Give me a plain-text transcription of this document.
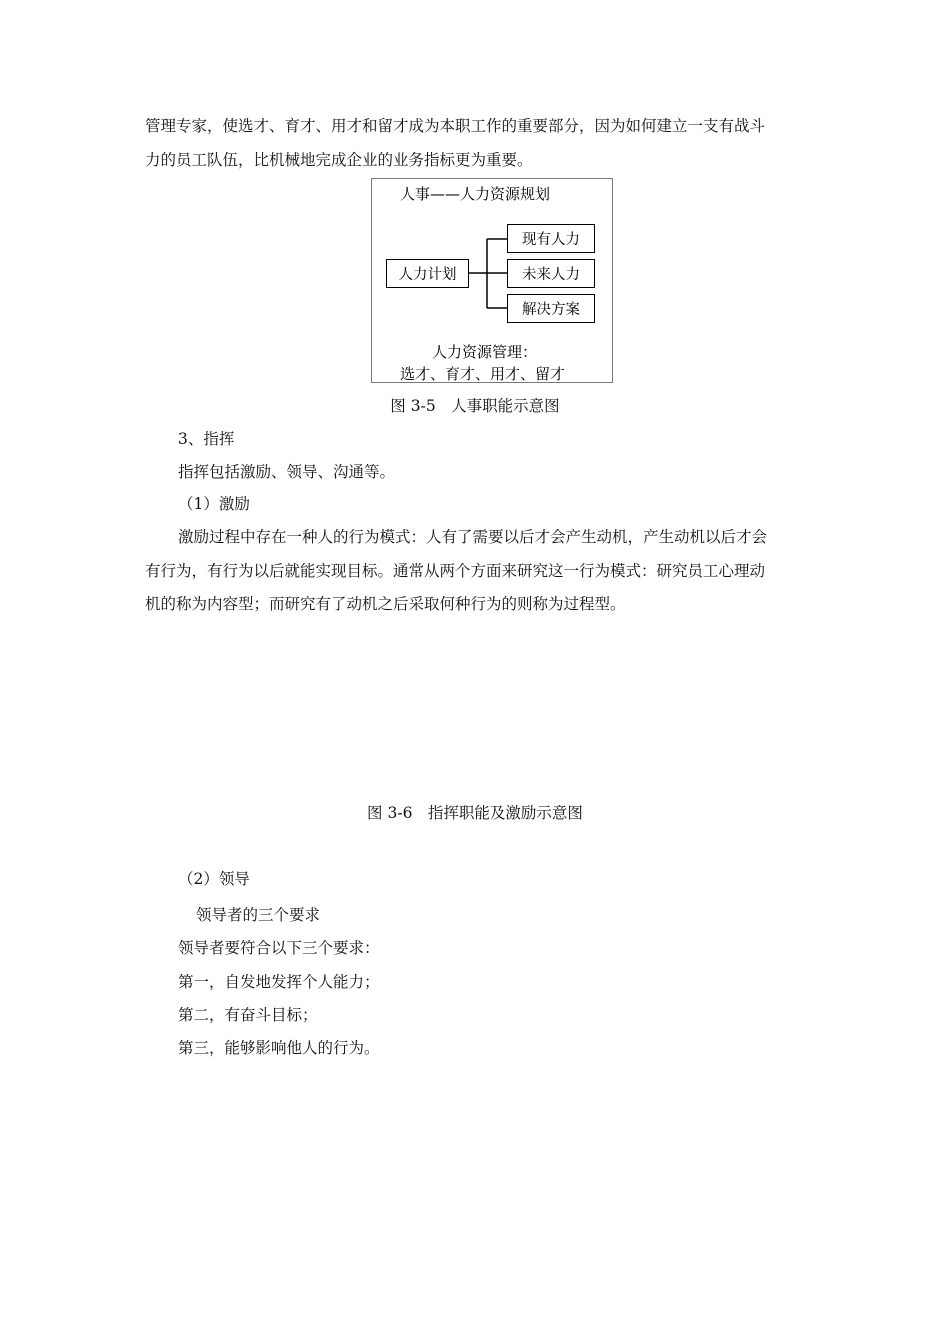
管理专家，使选才、育才、用才和留才成为本职工作的重要部分，因为如何建立一支有战斗

力的员工队伍，比机械地完成企业的业务指标更为重要。

人事——人力资源规划
人力计划
现有人力
未来人力
解决方案
人力资源管理：
选才、育才、用才、留才
图 3-5　人事职能示意图

3、指挥

指挥包括激励、领导、沟通等。

（1）激励

激励过程中存在一种人的行为模式：人有了需要以后才会产生动机，产生动机以后才会

有行为，有行为以后就能实现目标。通常从两个方面来研究这一行为模式：研究员工心理动

机的称为内容型；而研究有了动机之后采取何种行为的则称为过程型。

图 3-6　指挥职能及激励示意图

（2）领导

领导者的三个要求

领导者要符合以下三个要求：

第一，自发地发挥个人能力；

第二，有奋斗目标；

第三，能够影响他人的行为。
